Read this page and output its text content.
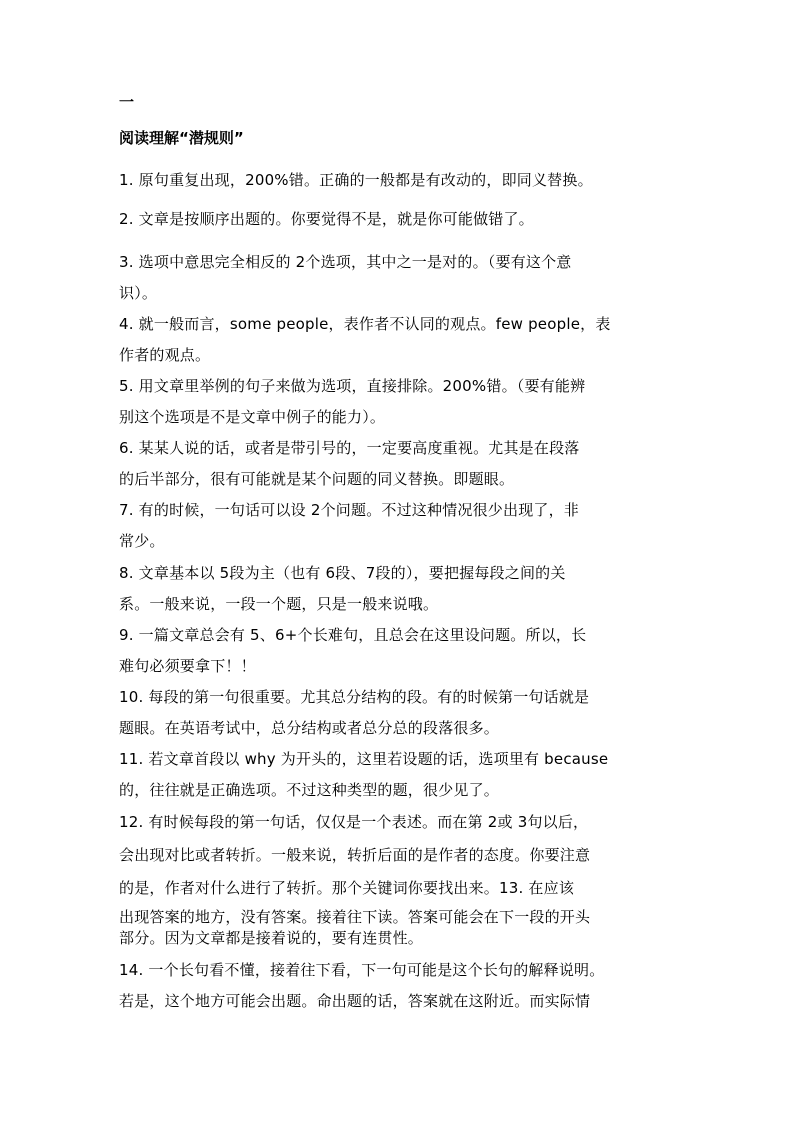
一
阅读理解“潜规则”
1. 原句重复出现，200%错。正确的一般都是有改动的，即同义替换。
2. 文章是按顺序出题的。你要觉得不是，就是你可能做错了。
3. 选项中意思完全相反的 2个选项，其中之一是对的。（要有这个意
识）。
4. 就一般而言，some people，表作者不认同的观点。few people，表
作者的观点。
5. 用文章里举例的句子来做为选项，直接排除。200%错。（要有能辨
别这个选项是不是文章中例子的能力）。
6. 某某人说的话，或者是带引号的，一定要高度重视。尤其是在段落
的后半部分，很有可能就是某个问题的同义替换。即题眼。
7. 有的时候，一句话可以设 2个问题。不过这种情况很少出现了，非
常少。
8. 文章基本以 5段为主（也有 6段、7段的），要把握每段之间的关
系。一般来说，一段一个题，只是一般来说哦。
9. 一篇文章总会有 5、6+个长难句，且总会在这里设问题。所以，长
难句必须要拿下！！
10. 每段的第一句很重要。尤其总分结构的段。有的时候第一句话就是
题眼。在英语考试中，总分结构或者总分总的段落很多。
11. 若文章首段以 why 为开头的，这里若设题的话，选项里有 because
的，往往就是正确选项。不过这种类型的题，很少见了。
12. 有时候每段的第一句话，仅仅是一个表述。而在第 2或 3句以后，
会出现对比或者转折。一般来说，转折后面的是作者的态度。你要注意
的是，作者对什么进行了转折。那个关键词你要找出来。13. 在应该
出现答案的地方，没有答案。接着往下读。答案可能会在下一段的开头
部分。因为文章都是接着说的，要有连贯性。
14. 一个长句看不懂，接着往下看，下一句可能是这个长句的解释说明。
若是，这个地方可能会出题。命出题的话，答案就在这附近。而实际情
